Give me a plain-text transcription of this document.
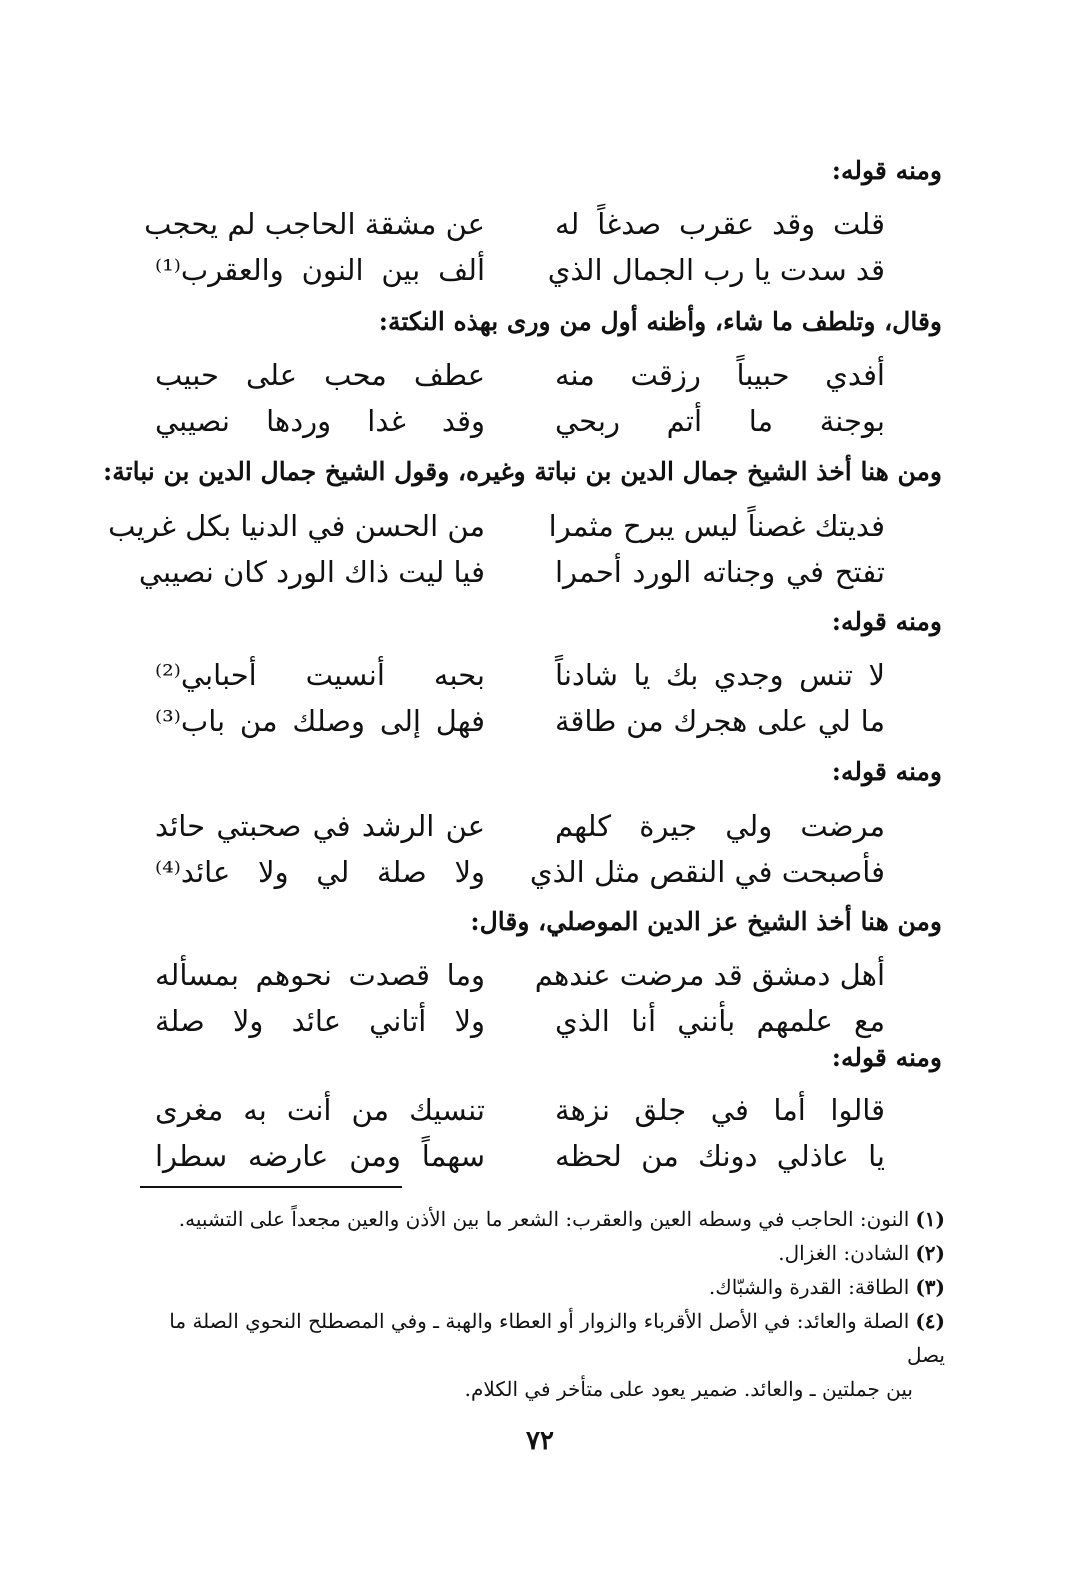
ومنه قوله:
قلت وقد عقرب صدغاً له
عن مشقة الحاجب لم يحجب
قد سدت يا رب الجمال الذي
ألف بين النون والعقرب⁽¹⁾
وقال، وتلطف ما شاء، وأظنه أول من ورى بهذه النكتة:
أفدي حبيباً رزقت منه
عطف محب على حبيب
بوجنة ما أتم ربحي
وقد غدا وردها نصيبي
ومن هنا أخذ الشيخ جمال الدين بن نباتة وغيره، وقول الشيخ جمال الدين بن نباتة:
فديتك غصناً ليس يبرح مثمرا
من الحسن في الدنيا بكل غريب
تفتح في وجناته الورد أحمرا
فيا ليت ذاك الورد كان نصيبي
ومنه قوله:
لا تنس وجدي بك يا شادناً
بحبه أنسيت أحبابي⁽²⁾
ما لي على هجرك من طاقة
فهل إلى وصلك من باب⁽³⁾
ومنه قوله:
مرضت ولي جيرة كلهم
عن الرشد في صحبتي حائد
فأصبحت في النقص مثل الذي
ولا صلة لي ولا عائد⁽⁴⁾
ومن هنا أخذ الشيخ عز الدين الموصلي، وقال:
أهل دمشق قد مرضت عندهم
وما قصدت نحوهم بمسأله
مع علمهم بأنني أنا الذي
ولا أتاني عائد ولا صلة
ومنه قوله:
قالوا أما في جلق نزهة
تنسيك من أنت به مغرى
يا عاذلي دونك من لحظه
سهماً ومن عارضه سطرا

(١)النون: الحاجب في وسطه العين والعقرب: الشعر ما بين الأذن والعين مجعداً على التشبيه.

(٢)الشادن: الغزال.

(٣)الطاقة: القدرة والشبّاك.

(٤)الصلة والعائد: في الأصل الأقرباء والزوار أو العطاء والهبة ـ وفي المصطلح النحوي الصلة ما يصل

بين جملتين ـ والعائد. ضمير يعود على متأخر في الكلام.

٧٢
